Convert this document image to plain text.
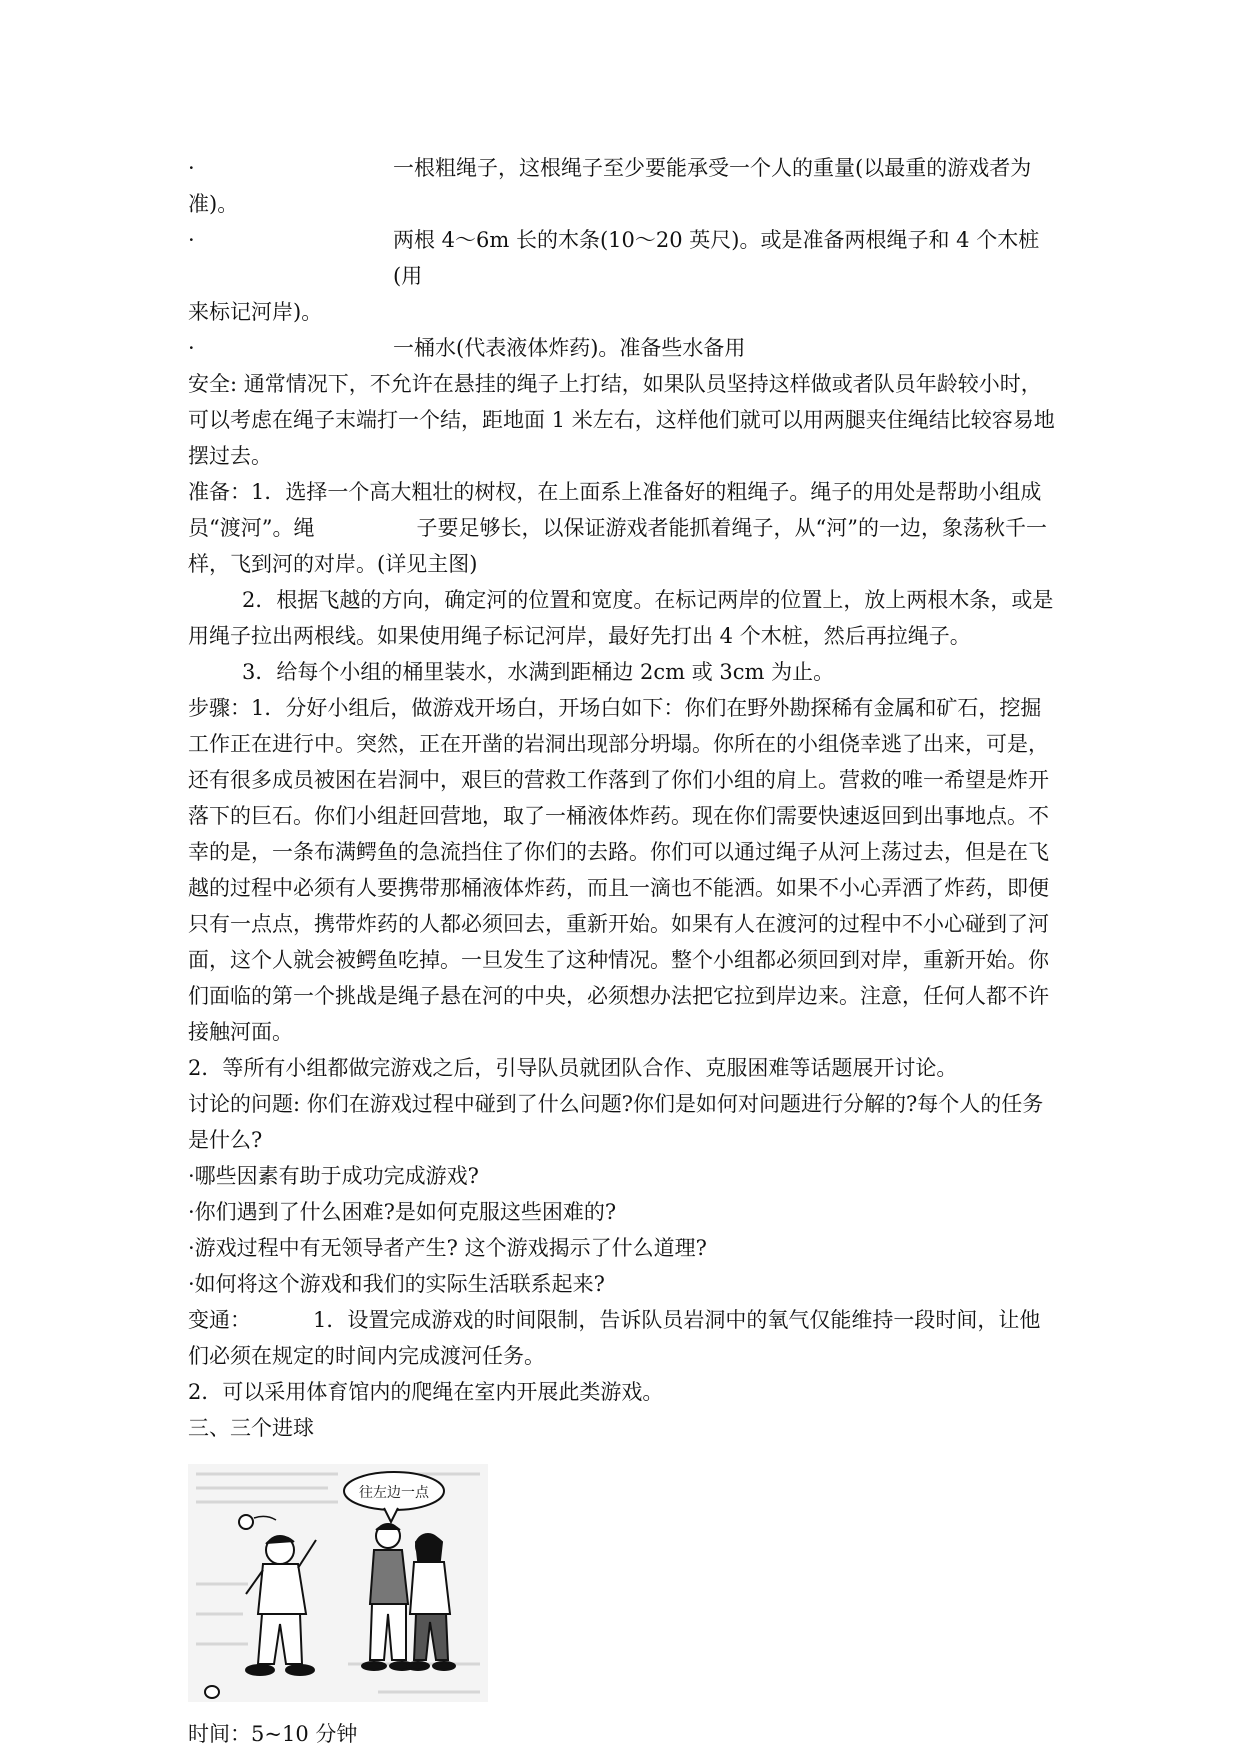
·	一根粗绳子，这根绳子至少要能承受一个人的重量(以最重的游戏者为

准)。

·	两根 4～6m 长的木条(10～20 英尺)。或是准备两根绳子和 4 个木桩(用

来标记河岸)。

·	一桶水(代表液体炸药)。准备些水备用

安全: 通常情况下，不允许在悬挂的绳子上打结，如果队员坚持这样做或者队员年龄较小时，可以考虑在绳子末端打一个结，距地面 1 米左右，这样他们就可以用两腿夹住绳结比较容易地摆过去。

准备：1．选择一个高大粗壮的树杈，在上面系上准备好的粗绳子。绳子的用处是帮助小组成员“渡河”。绳	子要足够长，以保证游戏者能抓着绳子，从“河”的一边，象荡秋千一样，飞到河的对岸。(详见主图)

2．根据飞越的方向，确定河的位置和宽度。在标记两岸的位置上，放上两根木条，或是用绳子拉出两根线。如果使用绳子标记河岸，最好先打出 4 个木桩，然后再拉绳子。

3．给每个小组的桶里装水，水满到距桶边 2cm 或 3cm 为止。

步骤：1．分好小组后，做游戏开场白，开场白如下：你们在野外勘探稀有金属和矿石，挖掘工作正在进行中。突然，正在开凿的岩洞出现部分坍塌。你所在的小组侥幸逃了出来，可是，还有很多成员被困在岩洞中，艰巨的营救工作落到了你们小组的肩上。营救的唯一希望是炸开落下的巨石。你们小组赶回营地，取了一桶液体炸药。现在你们需要快速返回到出事地点。不幸的是，一条布满鳄鱼的急流挡住了你们的去路。你们可以通过绳子从河上荡过去，但是在飞越的过程中必须有人要携带那桶液体炸药，而且一滴也不能洒。如果不小心弄洒了炸药，即便只有一点点，携带炸药的人都必须回去，重新开始。如果有人在渡河的过程中不小心碰到了河面，这个人就会被鳄鱼吃掉。一旦发生了这种情况。整个小组都必须回到对岸，重新开始。你们面临的第一个挑战是绳子悬在河的中央，必须想办法把它拉到岸边来。注意，任何人都不许接触河面。

2．等所有小组都做完游戏之后，引导队员就团队合作、克服困难等话题展开讨论。

讨论的问题: 你们在游戏过程中碰到了什么问题?你们是如何对问题进行分解的?每个人的任务是什么?

·哪些因素有助于成功完成游戏?

·你们遇到了什么困难?是如何克服这些困难的?

·游戏过程中有无领导者产生? 这个游戏揭示了什么道理?

·如何将这个游戏和我们的实际生活联系起来?

变通：	1．设置完成游戏的时间限制，告诉队员岩洞中的氧气仅能维持一段时间，让他们必须在规定的时间内完成渡河任务。

2．可以采用体育馆内的爬绳在室内开展此类游戏。

三、三个进球

往左边一点

时间：5~10 分钟
